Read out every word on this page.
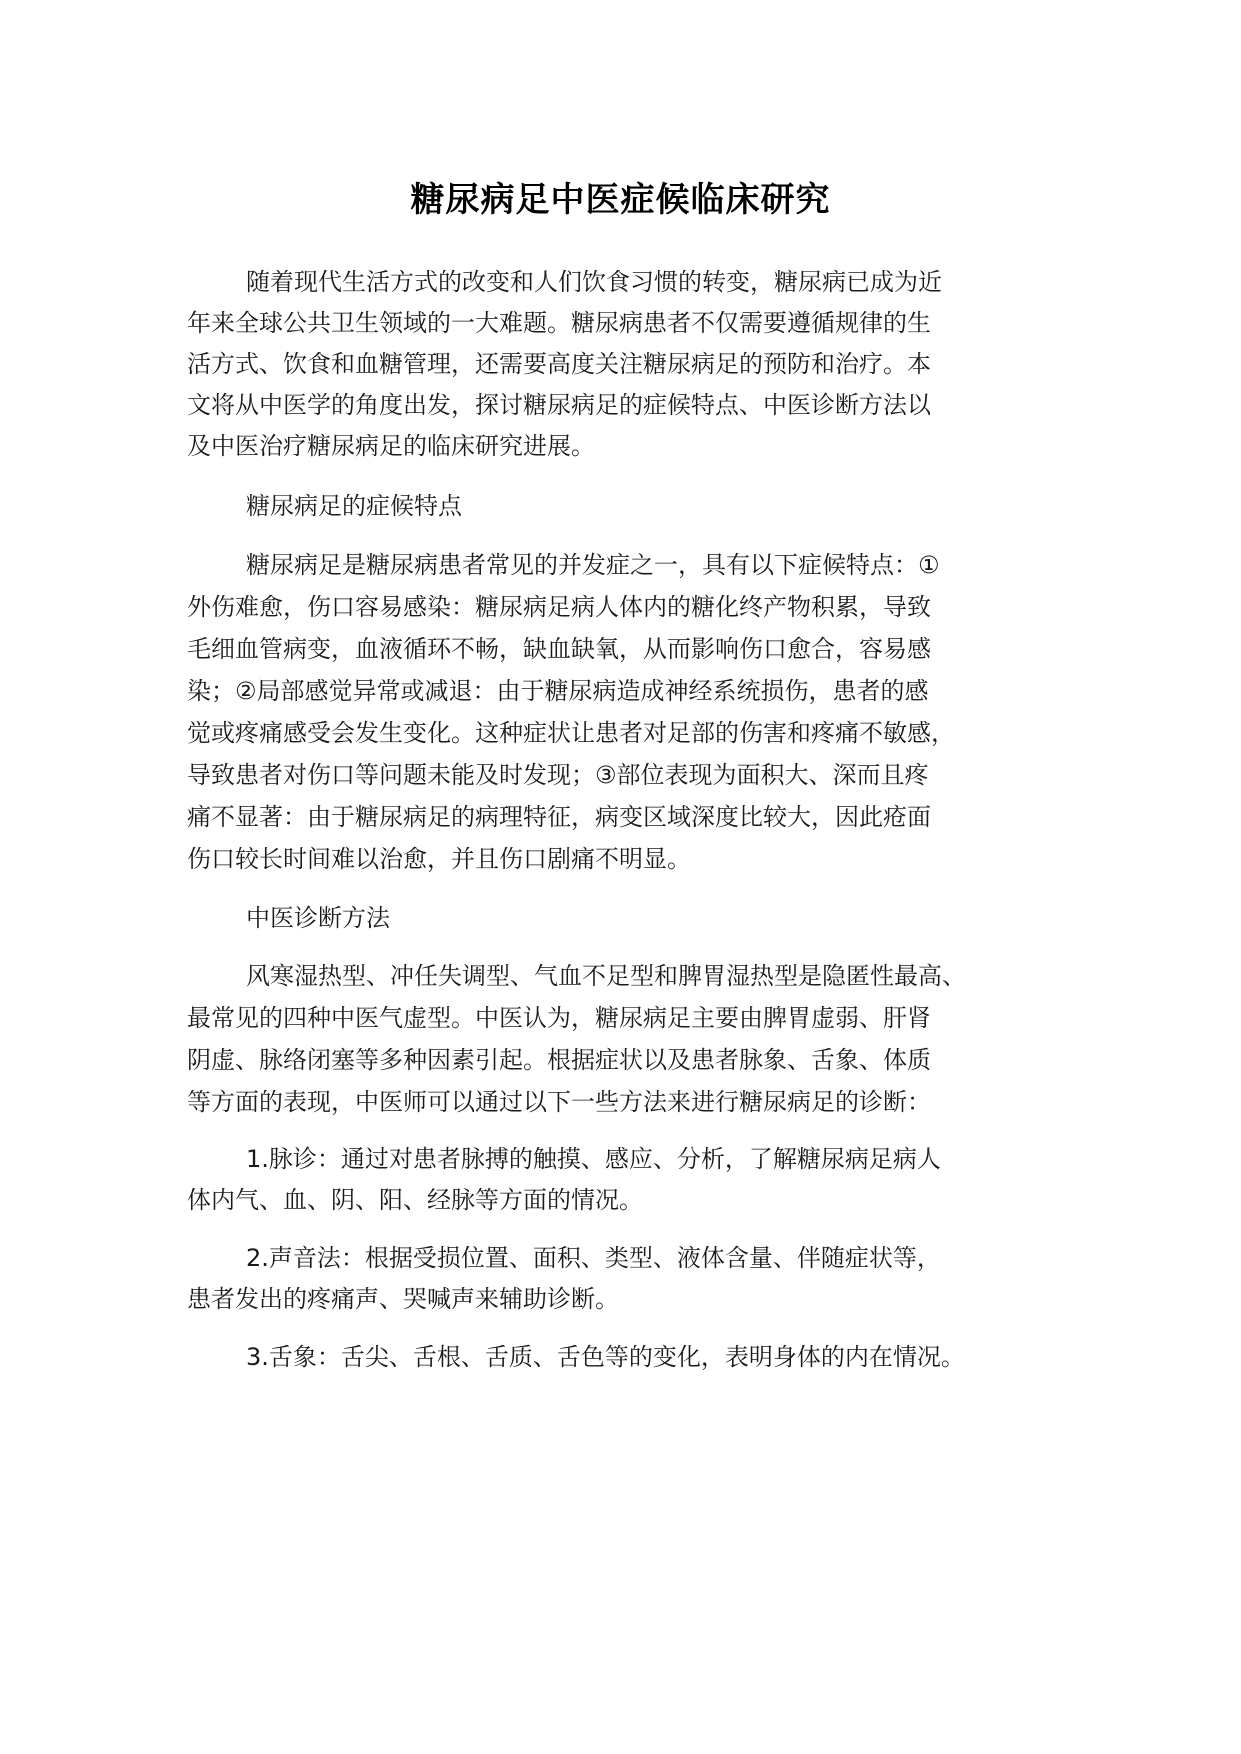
糖尿病足中医症候临床研究
随着现代生活方式的改变和人们饮食习惯的转变，糖尿病已成为近
年来全球公共卫生领域的一大难题。糖尿病患者不仅需要遵循规律的生
活方式、饮食和血糖管理，还需要高度关注糖尿病足的预防和治疗。本
文将从中医学的角度出发，探讨糖尿病足的症候特点、中医诊断方法以
及中医治疗糖尿病足的临床研究进展。
糖尿病足的症候特点
糖尿病足是糖尿病患者常见的并发症之一，具有以下症候特点：①
外伤难愈，伤口容易感染：糖尿病足病人体内的糖化终产物积累，导致
毛细血管病变，血液循环不畅，缺血缺氧，从而影响伤口愈合，容易感
染；②局部感觉异常或减退：由于糖尿病造成神经系统损伤，患者的感
觉或疼痛感受会发生变化。这种症状让患者对足部的伤害和疼痛不敏感，
导致患者对伤口等问题未能及时发现；③部位表现为面积大、深而且疼
痛不显著：由于糖尿病足的病理特征，病变区域深度比较大，因此疮面
伤口较长时间难以治愈，并且伤口剧痛不明显。
中医诊断方法
风寒湿热型、冲任失调型、气血不足型和脾胃湿热型是隐匿性最高、
最常见的四种中医气虚型。中医认为，糖尿病足主要由脾胃虚弱、肝肾
阴虚、脉络闭塞等多种因素引起。根据症状以及患者脉象、舌象、体质
等方面的表现，中医师可以通过以下一些方法来进行糖尿病足的诊断：
1.脉诊：通过对患者脉搏的触摸、感应、分析，了解糖尿病足病人
体内气、血、阴、阳、经脉等方面的情况。
2.声音法：根据受损位置、面积、类型、液体含量、伴随症状等，
患者发出的疼痛声、哭喊声来辅助诊断。
3.舌象：舌尖、舌根、舌质、舌色等的变化，表明身体的内在情况。
